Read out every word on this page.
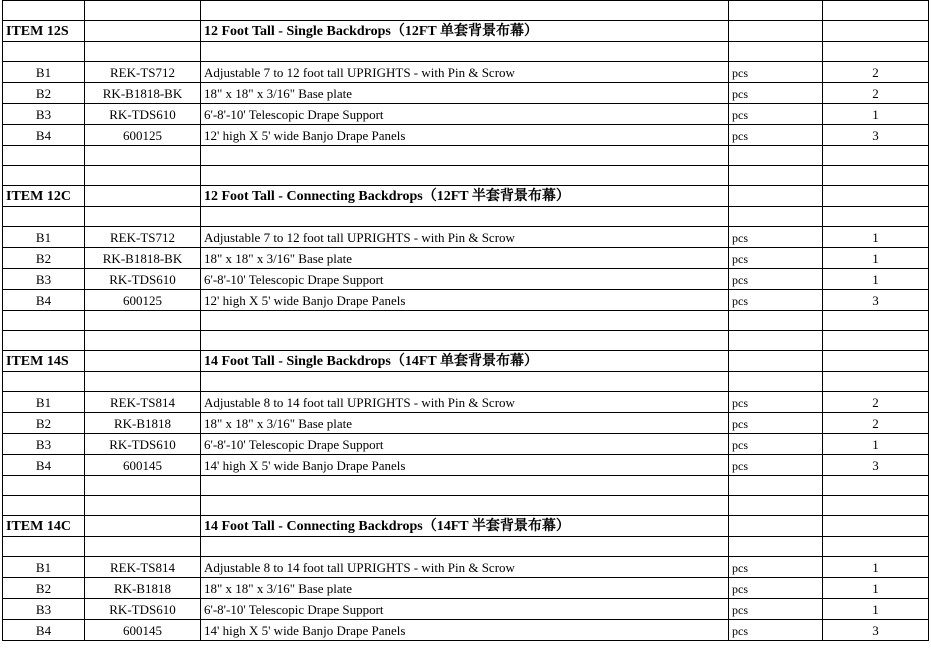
ITEM 12S		12 Foot Tall - Single Backdrops（12FT 单套背景布幕）		

B1	REK-TS712	Adjustable 7 to 12 foot tall UPRIGHTS - with Pin & Scrow	pcs	2
B2	RK-B1818-BK	18" x 18" x 3/16" Base plate	pcs	2
B3	RK-TDS610	6'-8'-10' Telescopic Drape Support	pcs	1
B4	600125	12' high X 5' wide Banjo Drape Panels	pcs	3

ITEM 12C		12 Foot Tall - Connecting Backdrops（12FT 半套背景布幕）		

B1	REK-TS712	Adjustable 7 to 12 foot tall UPRIGHTS - with Pin & Scrow	pcs	1
B2	RK-B1818-BK	18" x 18" x 3/16" Base plate	pcs	1
B3	RK-TDS610	6'-8'-10' Telescopic Drape Support	pcs	1
B4	600125	12' high X 5' wide Banjo Drape Panels	pcs	3

ITEM 14S		14 Foot Tall - Single Backdrops（14FT 单套背景布幕）		

B1	REK-TS814	Adjustable 8 to 14 foot tall UPRIGHTS - with Pin & Scrow	pcs	2
B2	RK-B1818	18" x 18" x 3/16" Base plate	pcs	2
B3	RK-TDS610	6'-8'-10' Telescopic Drape Support	pcs	1
B4	600145	14' high X 5' wide Banjo Drape Panels	pcs	3

ITEM 14C		14 Foot Tall - Connecting Backdrops（14FT 半套背景布幕）		

B1	REK-TS814	Adjustable 8 to 14 foot tall UPRIGHTS - with Pin & Scrow	pcs	1
B2	RK-B1818	18" x 18" x 3/16" Base plate	pcs	1
B3	RK-TDS610	6'-8'-10' Telescopic Drape Support	pcs	1
B4	600145	14' high X 5' wide Banjo Drape Panels	pcs	3
